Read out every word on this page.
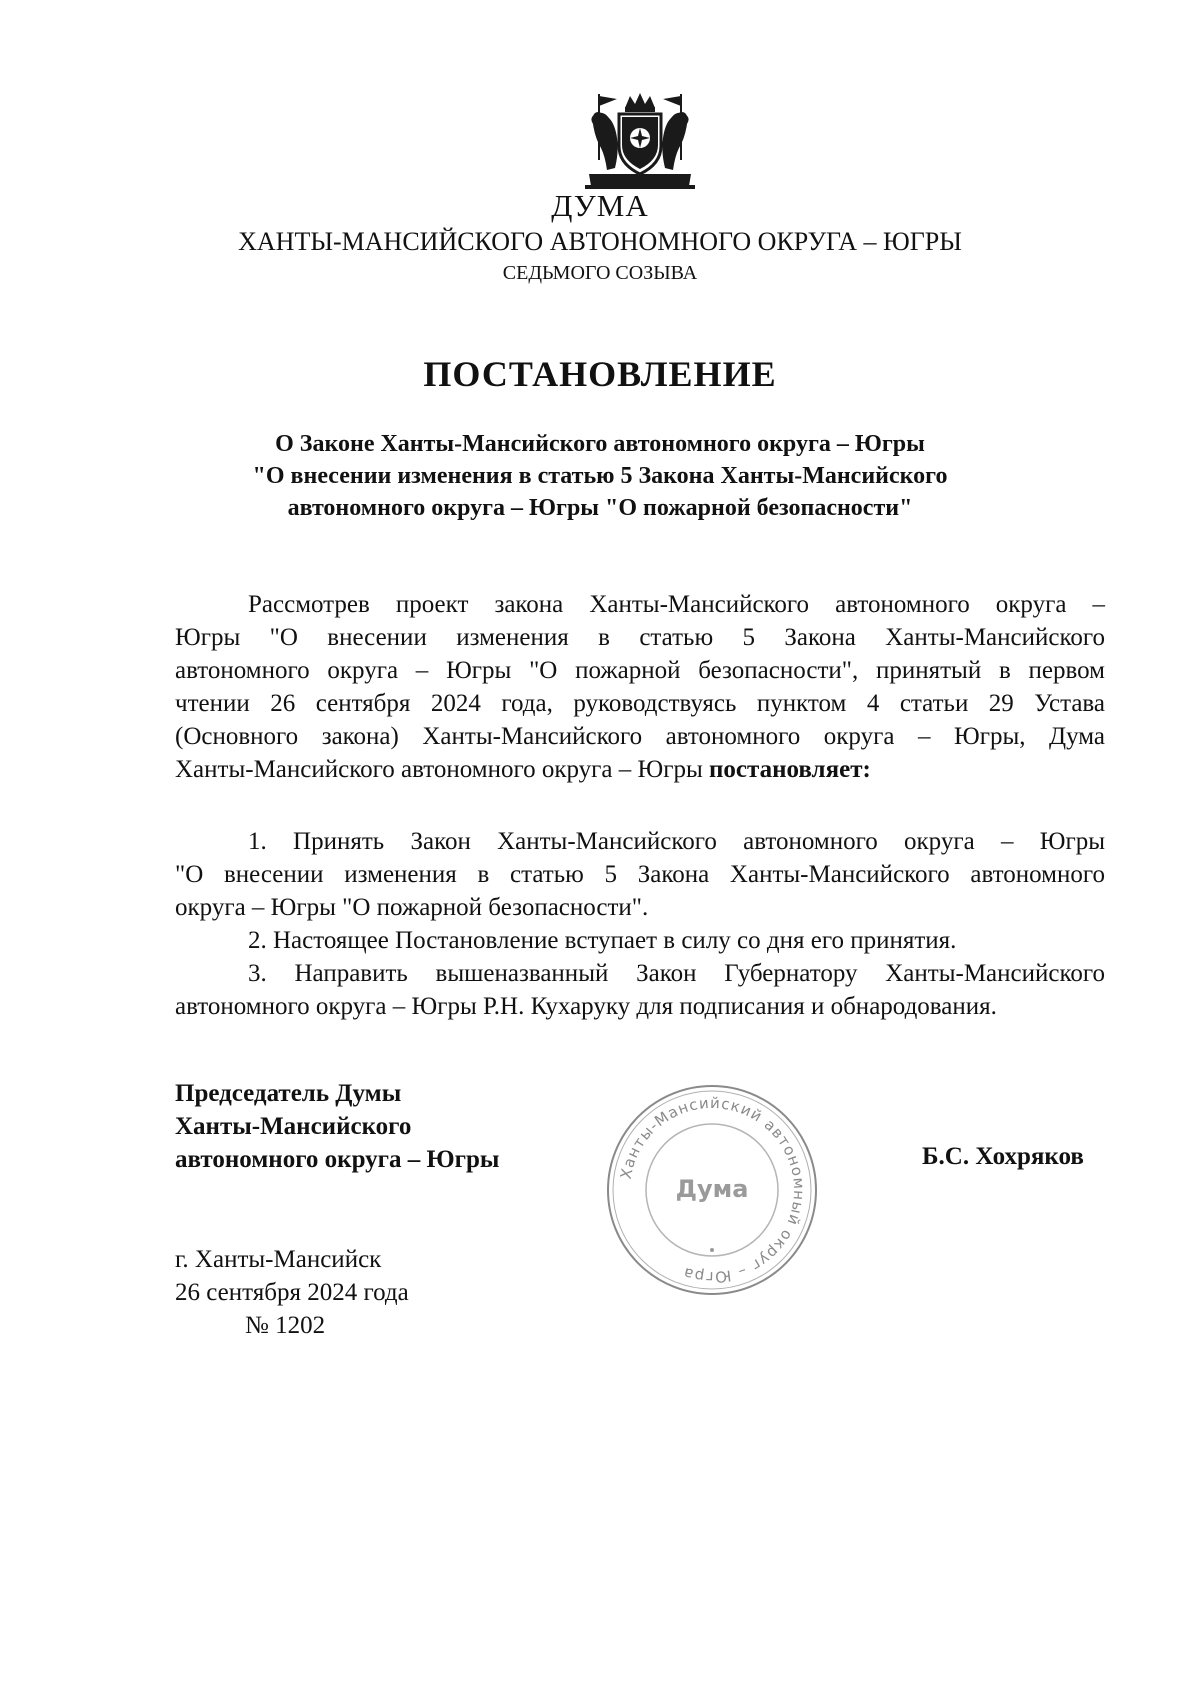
ДУМА
ХАНТЫ-МАНСИЙСКОГО АВТОНОМНОГО ОКРУГА – ЮГРЫ
СЕДЬМОГО СОЗЫВА
ПОСТАНОВЛЕНИЕ
О Законе Ханты-Мансийского автономного округа – Югры
"О внесении изменения в статью 5 Закона Ханты-Мансийского
автономного округа – Югры "О пожарной безопасности"
Рассмотрев проект закона Ханты-Мансийского автономного округа –
Югры "О внесении изменения в статью 5 Закона Ханты-Мансийского
автономного округа – Югры "О пожарной безопасности", принятый в первом
чтении 26 сентября 2024 года, руководствуясь пунктом 4 статьи 29 Устава
(Основного закона) Ханты-Мансийского автономного округа – Югры, Дума
Ханты-Мансийского автономного округа – Югры постановляет:
1. Принять Закон Ханты-Мансийского автономного округа – Югры
"О внесении изменения в статью 5 Закона Ханты-Мансийского автономного
округа – Югры "О пожарной безопасности".
2. Настоящее Постановление вступает в силу со дня его принятия.
3. Направить вышеназванный Закон Губернатору Ханты-Мансийского
автономного округа – Югры Р.Н. Кухаруку для подписания и обнародования.
Председатель Думы
Ханты-Мансийского
автономного округа – Югры
Ханты-Мансийский автономный округ – Югра
Дума
Б.С. Хохряков
г. Ханты-Мансийск
26 сентября 2024 года
№ 1202
